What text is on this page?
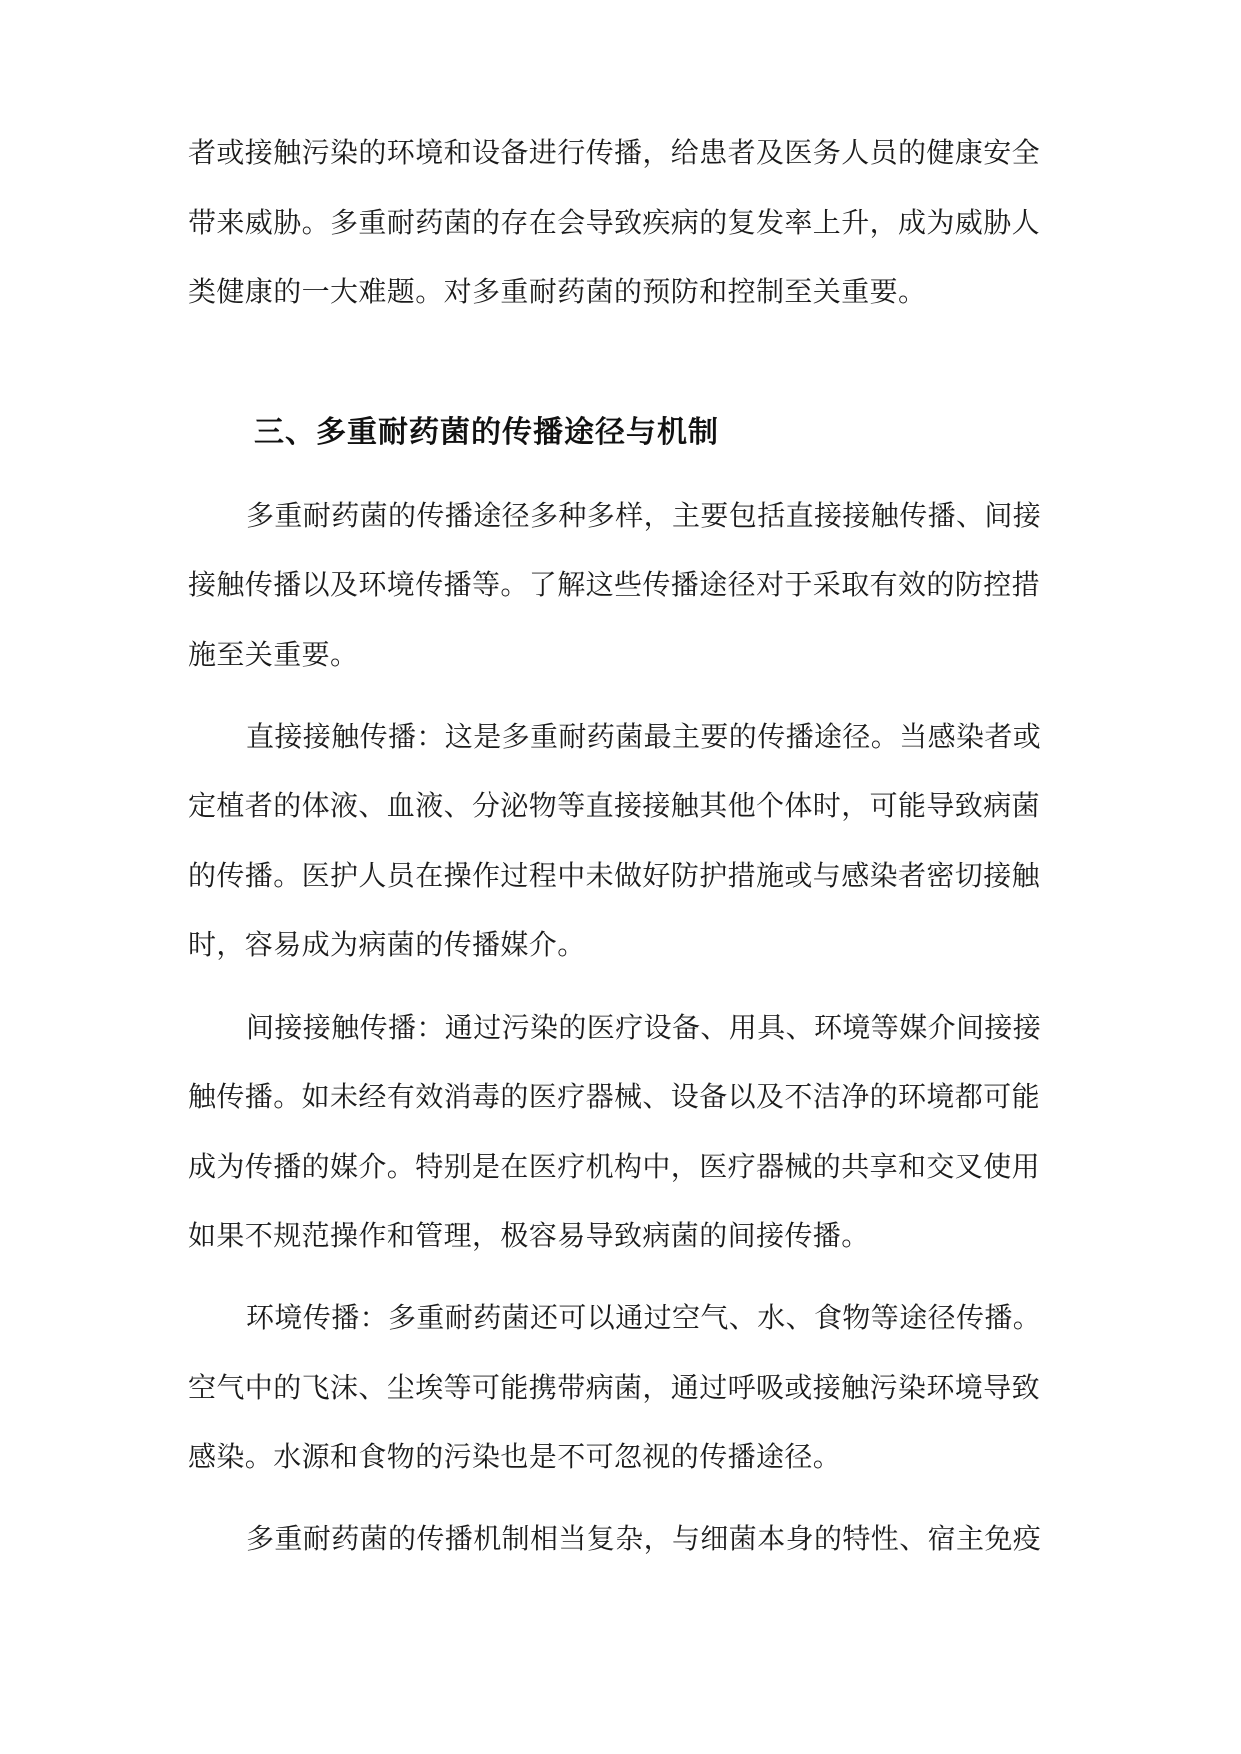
者或接触污染的环境和设备进行传播，给患者及医务人员的健康安全

带来威胁。多重耐药菌的存在会导致疾病的复发率上升，成为威胁人

类健康的一大难题。对多重耐药菌的预防和控制至关重要。

三、多重耐药菌的传播途径与机制

多重耐药菌的传播途径多种多样，主要包括直接接触传播、间接

接触传播以及环境传播等。了解这些传播途径对于采取有效的防控措

施至关重要。

直接接触传播：这是多重耐药菌最主要的传播途径。当感染者或

定植者的体液、血液、分泌物等直接接触其他个体时，可能导致病菌

的传播。医护人员在操作过程中未做好防护措施或与感染者密切接触

时，容易成为病菌的传播媒介。

间接接触传播：通过污染的医疗设备、用具、环境等媒介间接接

触传播。如未经有效消毒的医疗器械、设备以及不洁净的环境都可能

成为传播的媒介。特别是在医疗机构中，医疗器械的共享和交叉使用

如果不规范操作和管理，极容易导致病菌的间接传播。

环境传播：多重耐药菌还可以通过空气、水、食物等途径传播。

空气中的飞沫、尘埃等可能携带病菌，通过呼吸或接触污染环境导致

感染。水源和食物的污染也是不可忽视的传播途径。

多重耐药菌的传播机制相当复杂，与细菌本身的特性、宿主免疫
